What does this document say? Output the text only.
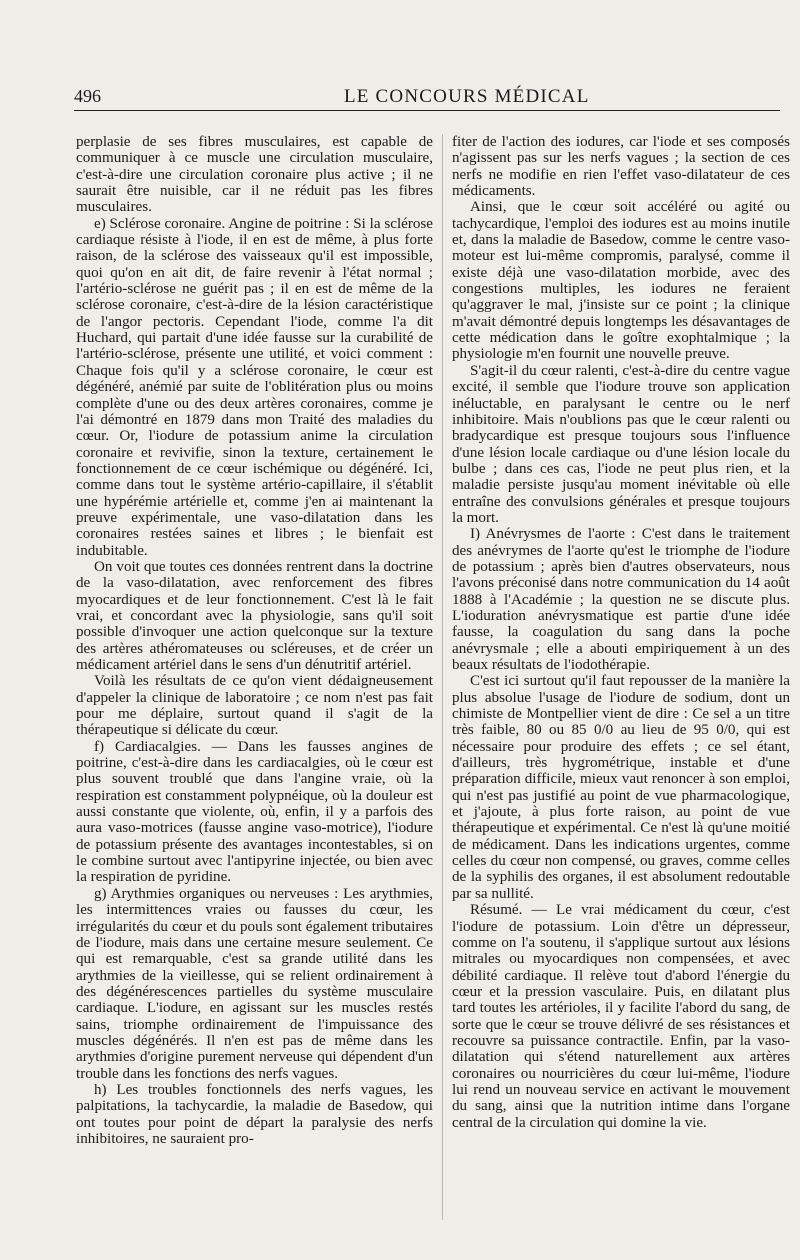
496	LE CONCOURS MÉDICAL

perplasie de ses fibres musculaires, est capable de communiquer à ce muscle une circulation musculaire, c'est-à-dire une circulation coronaire plus active ; il ne saurait être nuisible, car il ne réduit pas les fibres musculaires.

e) Sclérose coronaire. Angine de poitrine : Si la sclérose cardiaque résiste à l'iode, il en est de même, à plus forte raison, de la sclérose des vaisseaux qu'il est impossible, quoi qu'on en ait dit, de faire revenir à l'état normal ; l'artério-sclérose ne guérit pas ; il en est de même de la sclérose coronaire, c'est-à-dire de la lésion caractéristique de l'angor pectoris. Cependant l'iode, comme l'a dit Huchard, qui partait d'une idée fausse sur la curabilité de l'artério-sclérose, présente une utilité, et voici comment : Chaque fois qu'il y a sclérose coronaire, le cœur est dégénéré, anémié par suite de l'oblitération plus ou moins complète d'une ou des deux artères coronaires, comme je l'ai démontré en 1879 dans mon Traité des maladies du cœur. Or, l'iodure de potassium anime la circulation coronaire et revivifie, sinon la texture, certainement le fonctionnement de ce cœur ischémique ou dégénéré. Ici, comme dans tout le système artério-capillaire, il s'établit une hypérémie artérielle et, comme j'en ai maintenant la preuve expérimentale, une vaso-dilatation dans les coronaires restées saines et libres ; le bienfait est indubitable.

On voit que toutes ces données rentrent dans la doctrine de la vaso-dilatation, avec renforcement des fibres myocardiques et de leur fonctionnement. C'est là le fait vrai, et concordant avec la physiologie, sans qu'il soit possible d'invoquer une action quelconque sur la texture des artères athéromateuses ou scléreuses, et de créer un médicament artériel dans le sens d'un dénutritif artériel.

Voilà les résultats de ce qu'on vient dédaigneusement d'appeler la clinique de laboratoire ; ce nom n'est pas fait pour me déplaire, surtout quand il s'agit de la thérapeutique si délicate du cœur.

f) Cardiacalgies. — Dans les fausses angines de poitrine, c'est-à-dire dans les cardiacalgies, où le cœur est plus souvent troublé que dans l'angine vraie, où la respiration est constamment polypnéique, où la douleur est aussi constante que violente, où, enfin, il y a parfois des aura vaso-motrices (fausse angine vaso-motrice), l'iodure de potassium présente des avantages incontestables, si on le combine surtout avec l'antipyrine injectée, ou bien avec la respiration de pyridine.

g) Arythmies organiques ou nerveuses : Les arythmies, les intermittences vraies ou fausses du cœur, les irrégularités du cœur et du pouls sont également tributaires de l'iodure, mais dans une certaine mesure seulement. Ce qui est remarquable, c'est sa grande utilité dans les arythmies de la vieillesse, qui se relient ordinairement à des dégénérescences partielles du système musculaire cardiaque. L'iodure, en agissant sur les muscles restés sains, triomphe ordinairement de l'impuissance des muscles dégénérés. Il n'en est pas de même dans les arythmies d'origine purement nerveuse qui dépendent d'un trouble dans les fonctions des nerfs vagues.

h) Les troubles fonctionnels des nerfs vagues, les palpitations, la tachycardie, la maladie de Basedow, qui ont toutes pour point de départ la paralysie des nerfs inhibitoires, ne sauraient pro-

fiter de l'action des iodures, car l'iode et ses composés n'agissent pas sur les nerfs vagues ; la section de ces nerfs ne modifie en rien l'effet vaso-dilatateur de ces médicaments.

Ainsi, que le cœur soit accéléré ou agité ou tachycardique, l'emploi des iodures est au moins inutile et, dans la maladie de Basedow, comme le centre vaso-moteur est lui-même compromis, paralysé, comme il existe déjà une vaso-dilatation morbide, avec des congestions multiples, les iodures ne feraient qu'aggraver le mal, j'insiste sur ce point ; la clinique m'avait démontré depuis longtemps les désavantages de cette médication dans le goître exophtalmique ; la physiologie m'en fournit une nouvelle preuve.

S'agit-il du cœur ralenti, c'est-à-dire du centre vague excité, il semble que l'iodure trouve son application inéluctable, en paralysant le centre ou le nerf inhibitoire. Mais n'oublions pas que le cœur ralenti ou bradycardique est presque toujours sous l'influence d'une lésion locale cardiaque ou d'une lésion locale du bulbe ; dans ces cas, l'iode ne peut plus rien, et la maladie persiste jusqu'au moment inévitable où elle entraîne des convulsions générales et presque toujours la mort.

I) Anévrysmes de l'aorte : C'est dans le traitement des anévrymes de l'aorte qu'est le triomphe de l'iodure de potassium ; après bien d'autres observateurs, nous l'avons préconisé dans notre communication du 14 août 1888 à l'Académie ; la question ne se discute plus. L'ioduration anévrysmatique est partie d'une idée fausse, la coagulation du sang dans la poche anévrysmale ; elle a abouti empiriquement à un des beaux résultats de l'iodothérapie.

C'est ici surtout qu'il faut repousser de la manière la plus absolue l'usage de l'iodure de sodium, dont un chimiste de Montpellier vient de dire : Ce sel a un titre très faible, 80 ou 85 0/0 au lieu de 95 0/0, qui est nécessaire pour produire des effets ; ce sel étant, d'ailleurs, très hygrométrique, instable et d'une préparation difficile, mieux vaut renoncer à son emploi, qui n'est pas justifié au point de vue pharmacologique, et j'ajoute, à plus forte raison, au point de vue thérapeutique et expérimental. Ce n'est là qu'une moitié de médicament. Dans les indications urgentes, comme celles du cœur non compensé, ou graves, comme celles de la syphilis des organes, il est absolument redoutable par sa nullité.

Résumé. — Le vrai médicament du cœur, c'est l'iodure de potassium. Loin d'être un dépresseur, comme on l'a soutenu, il s'applique surtout aux lésions mitrales ou myocardiques non compensées, et avec débilité cardiaque. Il relève tout d'abord l'énergie du cœur et la pression vasculaire. Puis, en dilatant plus tard toutes les artérioles, il y facilite l'abord du sang, de sorte que le cœur se trouve délivré de ses résistances et recouvre sa puissance contractile. Enfin, par la vaso-dilatation qui s'étend naturellement aux artères coronaires ou nourricières du cœur lui-même, l'iodure lui rend un nouveau service en activant le mouvement du sang, ainsi que la nutrition intime dans l'organe central de la circulation qui domine la vie.
